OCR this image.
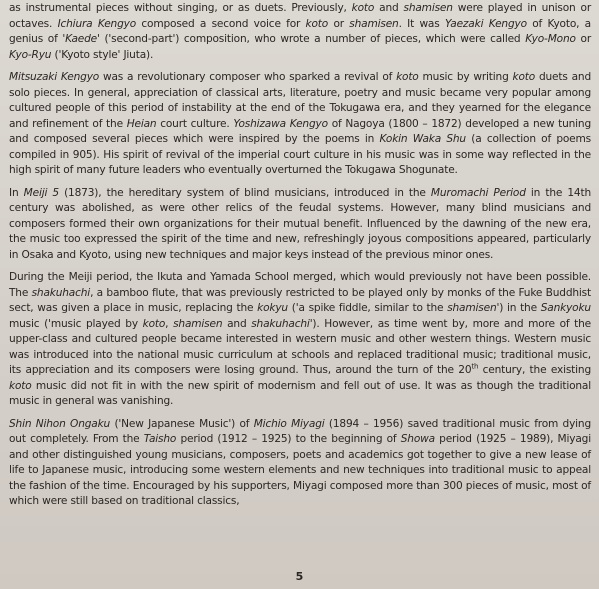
as instrumental pieces without singing, or as duets. Previously, koto and shamisen were played in unison or octaves. Ichiura Kengyo composed a second voice for koto or shamisen. It was Yaezaki Kengyo of Kyoto, a genius of 'Kaede' ('second-part') composition, who wrote a number of pieces, which were called Kyo-Mono or Kyo-Ryu ('Kyoto style' Jiuta).

Mitsuzaki Kengyo was a revolutionary composer who sparked a revival of koto music by writing koto duets and solo pieces. In general, appreciation of classical arts, literature, poetry and music became very popular among cultured people of this period of instability at the end of the Tokugawa era, and they yearned for the elegance and refinement of the Heian court culture. Yoshizawa Kengyo of Nagoya (1800 – 1872) developed a new tuning and composed several pieces which were inspired by the poems in Kokin Waka Shu (a collection of poems compiled in 905). His spirit of revival of the imperial court culture in his music was in some way reflected in the high spirit of many future leaders who eventually overturned the Tokugawa Shogunate.

In Meiji 5 (1873), the hereditary system of blind musicians, introduced in the Muromachi Period in the 14th century was abolished, as were other relics of the feudal systems. However, many blind musicians and composers formed their own organizations for their mutual benefit. Influenced by the dawning of the new era, the music too expressed the spirit of the time and new, refreshingly joyous compositions appeared, particularly in Osaka and Kyoto, using new techniques and major keys instead of the previous minor ones.

During the Meiji period, the Ikuta and Yamada School merged, which would previously not have been possible. The shakuhachi, a bamboo flute, that was previously restricted to be played only by monks of the Fuke Buddhist sect, was given a place in music, replacing the kokyu ('a spike fiddle, similar to the shamisen') in the Sankyoku music ('music played by koto, shamisen and shakuhachi'). However, as time went by, more and more of the upper-class and cultured people became interested in western music and other western things. Western music was introduced into the national music curriculum at schools and replaced traditional music; traditional music, its appreciation and its composers were losing ground. Thus, around the turn of the 20th century, the existing koto music did not fit in with the new spirit of modernism and fell out of use. It was as though the traditional music in general was vanishing.

Shin Nihon Ongaku ('New Japanese Music') of Michio Miyagi (1894 – 1956) saved traditional music from dying out completely. From the Taisho period (1912 – 1925) to the beginning of Showa period (1925 – 1989), Miyagi and other distinguished young musicians, composers, poets and academics got together to give a new lease of life to Japanese music, introducing some western elements and new techniques into traditional music to appeal the fashion of the time. Encouraged by his supporters, Miyagi composed more than 300 pieces of music, most of which were still based on traditional classics,

5
